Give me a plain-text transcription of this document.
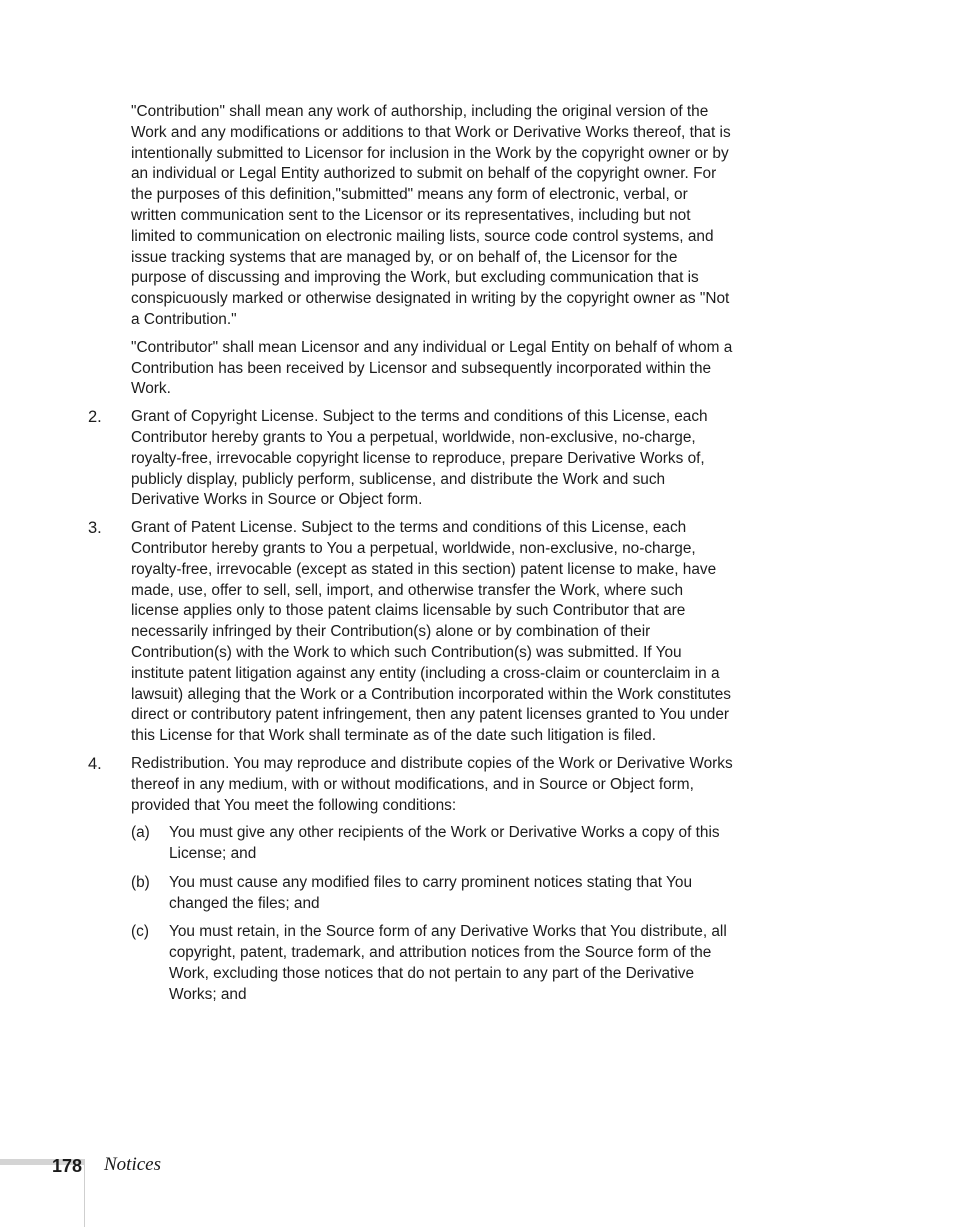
"Contribution" shall mean any work of authorship, including the original version of the Work and any modifications or additions to that Work or Derivative Works thereof, that is intentionally submitted to Licensor for inclusion in the Work by the copyright owner or by an individual or Legal Entity authorized to submit on behalf of the copyright owner. For the purposes of this definition,"submitted" means any form of electronic, verbal, or written communication sent to the Licensor or its representatives, including but not limited to communication on electronic mailing lists, source code control systems, and issue tracking systems that are managed by, or on behalf of, the Licensor for the purpose of discussing and improving the Work, but excluding communication that is conspicuously marked or otherwise designated in writing by the copyright owner as "Not a Contribution."

"Contributor" shall mean Licensor and any individual or Legal Entity on behalf of whom a Contribution has been received by Licensor and subsequently incorporated within the Work.

2. Grant of Copyright License. Subject to the terms and conditions of this License, each Contributor hereby grants to You a perpetual, worldwide, non-exclusive, no-charge, royalty-free, irrevocable copyright license to reproduce, prepare Derivative Works of, publicly display, publicly perform, sublicense, and distribute the Work and such Derivative Works in Source or Object form.

3. Grant of Patent License. Subject to the terms and conditions of this License, each Contributor hereby grants to You a perpetual, worldwide, non-exclusive, no-charge, royalty-free, irrevocable (except as stated in this section) patent license to make, have made, use, offer to sell, sell, import, and otherwise transfer the Work, where such license applies only to those patent claims licensable by such Contributor that are necessarily infringed by their Contribution(s) alone or by combination of their Contribution(s) with the Work to which such Contribution(s) was submitted. If You institute patent litigation against any entity (including a cross-claim or counterclaim in a lawsuit) alleging that the Work or a Contribution incorporated within the Work constitutes direct or contributory patent infringement, then any patent licenses granted to You under this License for that Work shall terminate as of the date such litigation is filed.

4. Redistribution. You may reproduce and distribute copies of the Work or Derivative Works thereof in any medium, with or without modifications, and in Source or Object form, provided that You meet the following conditions:

(a) You must give any other recipients of the Work or Derivative Works a copy of this License; and
(b) You must cause any modified files to carry prominent notices stating that You changed the files; and
(c) You must retain, in the Source form of any Derivative Works that You distribute, all copyright, patent, trademark, and attribution notices from the Source form of the Work, excluding those notices that do not pertain to any part of the Derivative Works; and
178 Notices
